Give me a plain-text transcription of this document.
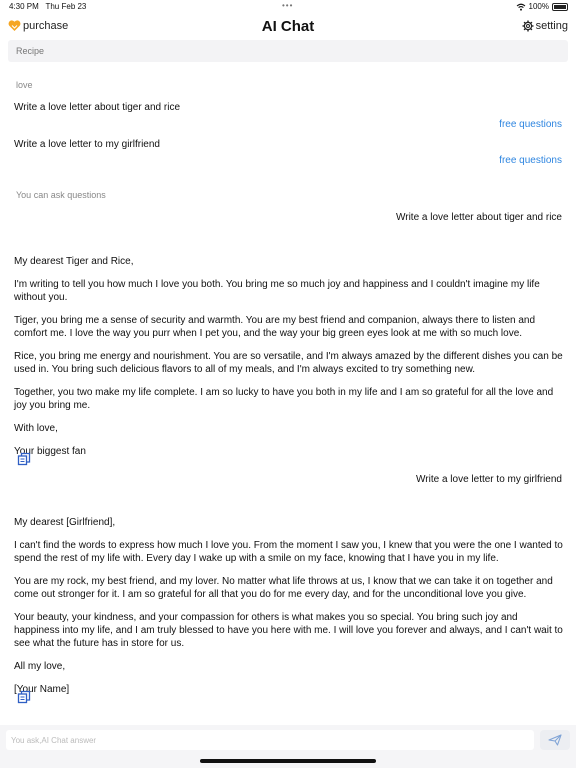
4:30 PM Thu Feb 23	•••	100%
purchase	AI Chat	setting
Recipe
love
Write a love letter about tiger and rice
free questions
Write a love letter to my girlfriend
free questions
You can ask questions
Write a love letter about tiger and rice

My dearest Tiger and Rice,

I'm writing to tell you how much I love you both. You bring me so much joy and happiness and I couldn't imagine my life without you.

Tiger, you bring me a sense of security and warmth. You are my best friend and companion, always there to listen and comfort me. I love the way you purr when I pet you, and the way your big green eyes look at me with so much love.

Rice, you bring me energy and nourishment. You are so versatile, and I'm always amazed by the different dishes you can be used in. You bring such delicious flavors to all of my meals, and I'm always excited to try something new.

Together, you two make my life complete. I am so lucky to have you both in my life and I am so grateful for all the love and joy you bring me.

With love,

Your biggest fan

Write a love letter to my girlfriend

My dearest [Girlfriend],

I can't find the words to express how much I love you. From the moment I saw you, I knew that you were the one I wanted to spend the rest of my life with. Every day I wake up with a smile on my face, knowing that I have you in my life.

You are my rock, my best friend, and my lover. No matter what life throws at us, I know that we can take it on together and come out stronger for it. I am so grateful for all that you do for me every day, and for the unconditional love you give.

Your beauty, your kindness, and your compassion for others is what makes you so special. You bring such joy and happiness into my life, and I am truly blessed to have you here with me. I will love you forever and always, and I can't wait to see what the future has in store for us.

All my love,

[Your Name]

You ask,AI Chat answer
